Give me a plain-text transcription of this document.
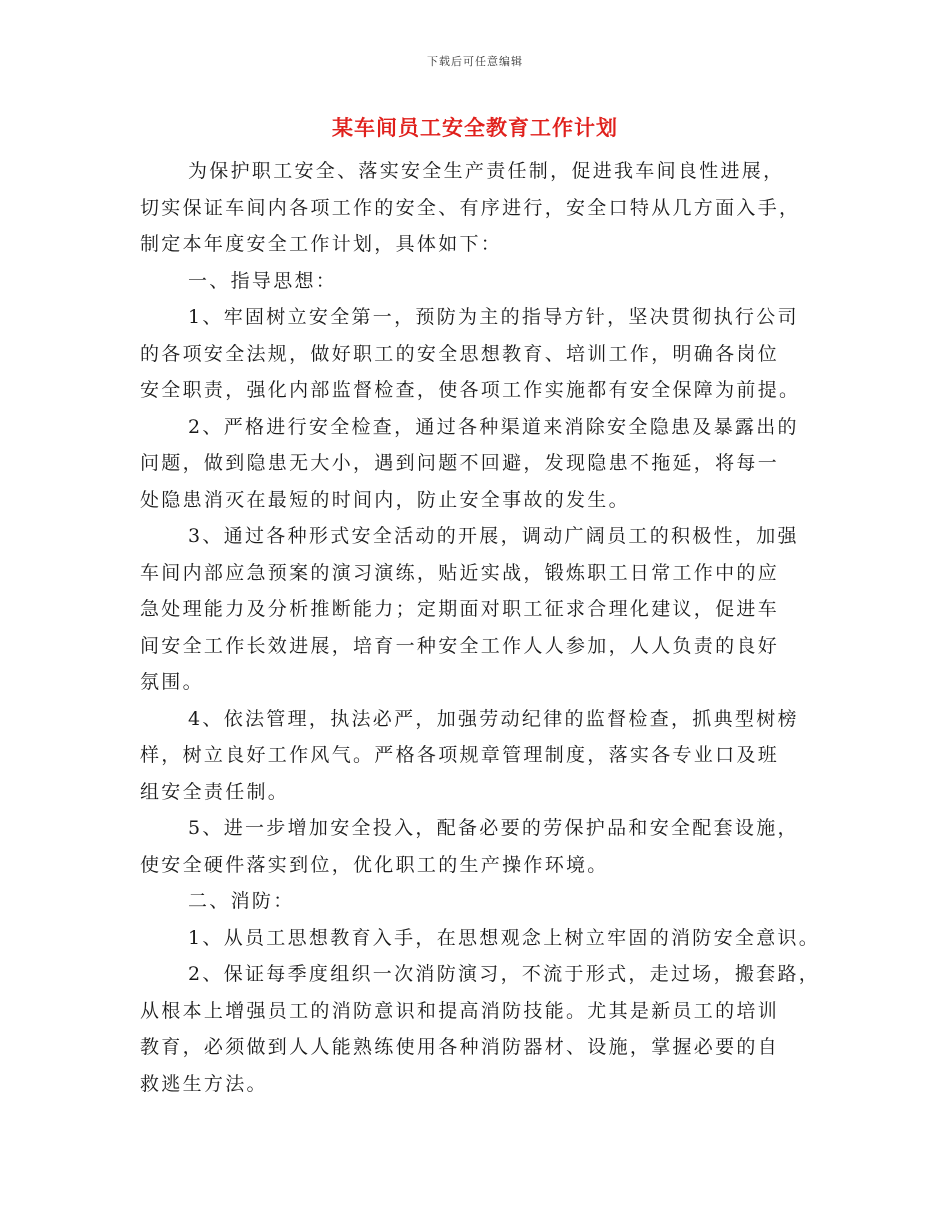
下载后可任意编辑
某车间员工安全教育工作计划
为保护职工安全、落实安全生产责任制，促进我车间良性进展，
切实保证车间内各项工作的安全、有序进行，安全口特从几方面入手，
制定本年度安全工作计划，具体如下：
一、指导思想：
1、牢固树立安全第一，预防为主的指导方针，坚决贯彻执行公司
的各项安全法规，做好职工的安全思想教育、培训工作，明确各岗位
安全职责，强化内部监督检查，使各项工作实施都有安全保障为前提。
2、严格进行安全检查，通过各种渠道来消除安全隐患及暴露出的
问题，做到隐患无大小，遇到问题不回避，发现隐患不拖延，将每一
处隐患消灭在最短的时间内，防止安全事故的发生。
3、通过各种形式安全活动的开展，调动广阔员工的积极性，加强
车间内部应急预案的演习演练，贴近实战，锻炼职工日常工作中的应
急处理能力及分析推断能力；定期面对职工征求合理化建议，促进车
间安全工作长效进展，培育一种安全工作人人参加，人人负责的良好
氛围。
4、依法管理，执法必严，加强劳动纪律的监督检查，抓典型树榜
样，树立良好工作风气。严格各项规章管理制度，落实各专业口及班
组安全责任制。
5、进一步增加安全投入，配备必要的劳保护品和安全配套设施，
使安全硬件落实到位，优化职工的生产操作环境。
二、消防：
1、从员工思想教育入手，在思想观念上树立牢固的消防安全意识。
2、保证每季度组织一次消防演习，不流于形式，走过场，搬套路，
从根本上增强员工的消防意识和提高消防技能。尤其是新员工的培训
教育，必须做到人人能熟练使用各种消防器材、设施，掌握必要的自
救逃生方法。
